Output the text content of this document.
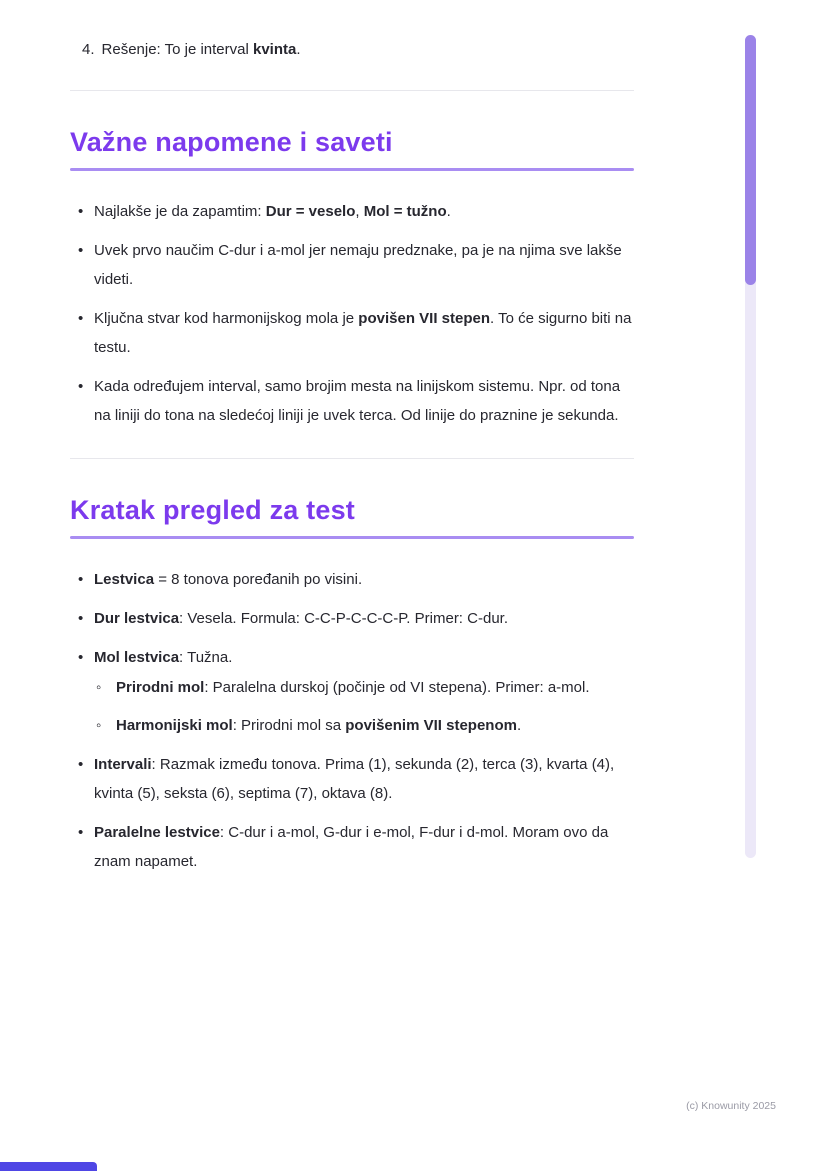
4. Rešenje: To je interval kvinta.
Važne napomene i saveti
• Najlakše je da zapamtim: Dur = veselo, Mol = tužno.
• Uvek prvo naučim C-dur i a-mol jer nemaju predznake, pa je na njima sve lakše videti.
• Ključna stvar kod harmonijskog mola je povišen VII stepen. To će sigurno biti na testu.
• Kada određujem interval, samo brojim mesta na linijskom sistemu. Npr. od tona na liniji do tona na sledećoj liniji je uvek terca. Od linije do praznine je sekunda.
Kratak pregled za test
• Lestvica = 8 tonova poređanih po visini.
• Dur lestvica: Vesela. Formula: C-C-P-C-C-C-P. Primer: C-dur.
• Mol lestvica: Tužna.
◦ Prirodni mol: Paralelna durskoj (počinje od VI stepena). Primer: a-mol.
◦ Harmonijski mol: Prirodni mol sa povišenim VII stepenom.
• Intervali: Razmak između tonova. Prima (1), sekunda (2), terca (3), kvarta (4), kvinta (5), seksta (6), septima (7), oktava (8).
• Paralelne lestvice: C-dur i a-mol, G-dur i e-mol, F-dur i d-mol. Moram ovo da znam napamet.
(c) Knowunity 2025
